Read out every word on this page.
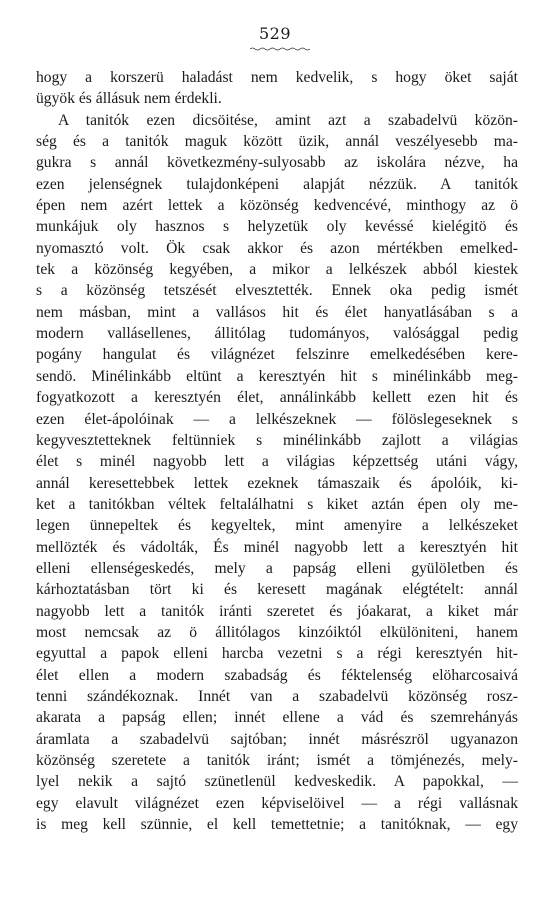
529
hogy a korszerü haladást nem kedvelik, s hogy öket saját
ügyök és állásuk nem érdekli.
A tanitók ezen dicsöitése, amint azt a szabadelvü közön-
ség és a tanitók maguk között üzik, annál veszélyesebb ma-
gukra s annál következmény-sulyosabb az iskolára nézve, ha
ezen jelenségnek tulajdonképeni alapját nézzük. A tanitók
épen nem azért lettek a közönség kedvencévé, minthogy az ö
munkájuk oly hasznos s helyzetük oly kevéssé kielégitö és
nyomasztó volt. Ök csak akkor és azon mértékben emelked-
tek a közönség kegyében, a mikor a lelkészek abból kiestek
s a közönség tetszését elvesztették. Ennek oka pedig ismét
nem másban, mint a vallásos hit és élet hanyatlásában s a
modern vallásellenes, állitólag tudományos, valósággal pedig
pogány hangulat és világnézet felszinre emelkedésében kere-
sendö. Minélinkább eltünt a keresztyén hit s minélinkább meg-
fogyatkozott a keresztyén élet, annálinkább kellett ezen hit és
ezen élet-ápolóinak — a lelkészeknek — fölöslegeseknek s
kegyvesztetteknek feltünniek s minélinkább zajlott a világias
élet s minél nagyobb lett a világias képzettség utáni vágy,
annál keresettebbek lettek ezeknek támaszaik és ápolóik, ki-
ket a tanitókban véltek feltalálhatni s kiket aztán épen oly me-
legen ünnepeltek és kegyeltek, mint amenyire a lelkészeket
mellözték és vádolták, És minél nagyobb lett a keresztyén hit
elleni ellenségeskedés, mely a papság elleni gyülöletben és
kárhoztatásban tört ki és keresett magának elégtételt: annál
nagyobb lett a tanitók iránti szeretet és jóakarat, a kiket már
most nemcsak az ö állitólagos kinzóiktól elkülöniteni, hanem
egyuttal a papok elleni harcba vezetni s a régi keresztyén hit-
élet ellen a modern szabadság és féktelenség elöharcosaivá
tenni szándékoznak. Innét van a szabadelvü közönség rosz-
akarata a papság ellen; innét ellene a vád és szemrehányás
áramlata a szabadelvü sajtóban; innét másrészröl ugyanazon
közönség szeretete a tanitók iránt; ismét a tömjénezés, mely-
lyel nekik a sajtó szünetlenül kedveskedik. A papokkal, —
egy elavult világnézet ezen képviselöivel — a régi vallásnak
is meg kell szünnie, el kell temettetnie; a tanitóknak, — egy
